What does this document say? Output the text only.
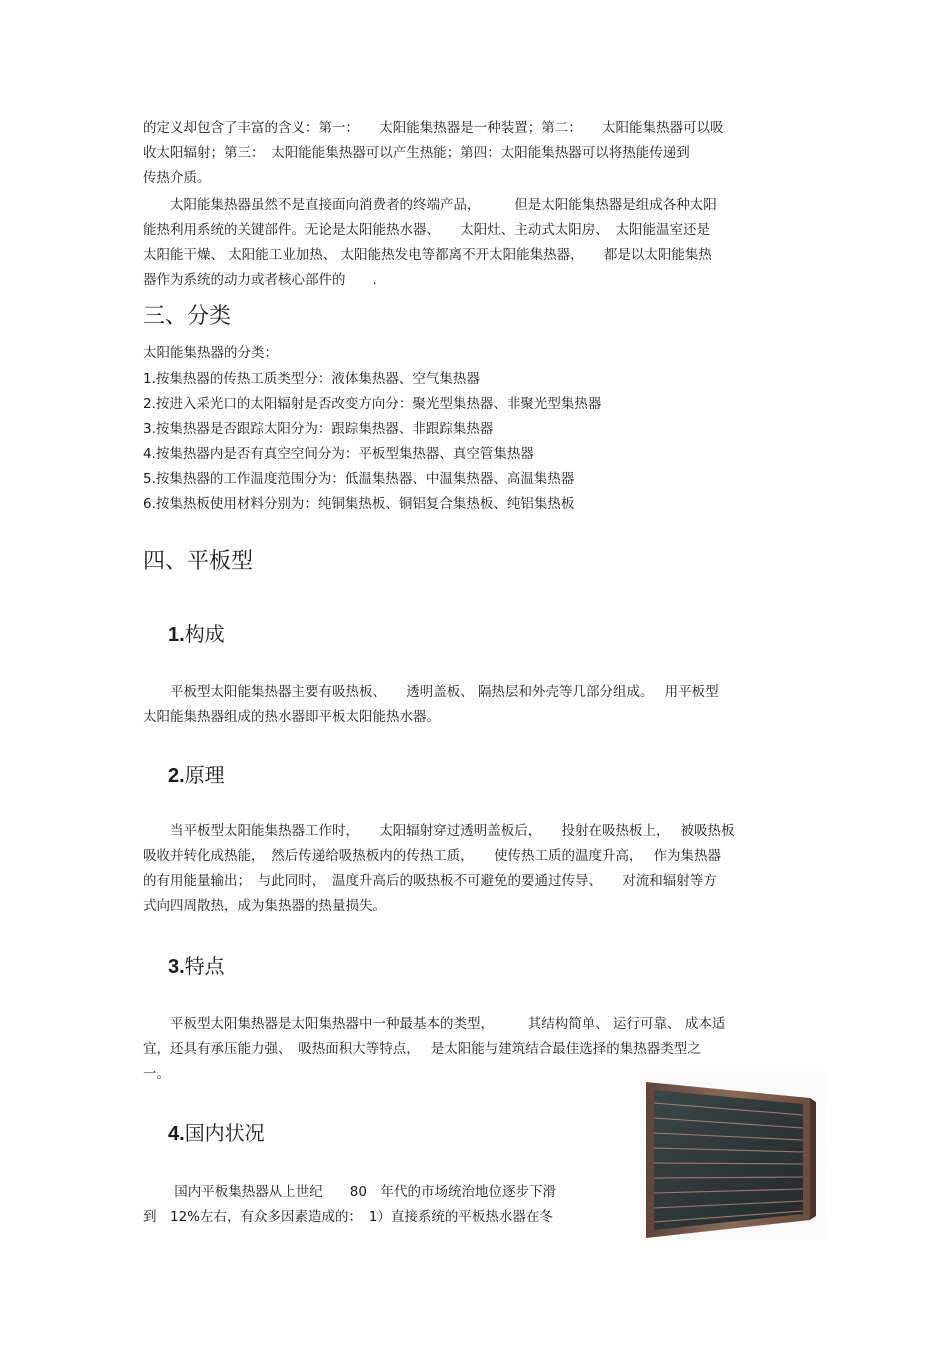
的定义却包含了丰富的含义：第一：　　太阳能集热器是一种装置；第二：　　太阳能集热器可以吸
收太阳辐射；第三：　太阳能能集热器可以产生热能；第四：太阳能集热器可以将热能传递到
传热介质。
　　太阳能集热器虽然不是直接面向消费者的终端产品，　　　但是太阳能集热器是组成各种太阳
能热利用系统的关键部件。无论是太阳能热水器、　　太阳灶、主动式太阳房、　太阳能温室还是
太阳能干燥、 太阳能工业加热、 太阳能热发电等都离不开太阳能集热器，　　都是以太阳能集热
器作为系统的动力或者核心部件的　　.
三、分类
太阳能集热器的分类：
1.按集热器的传热工质类型分：液体集热器、空气集热器
2.按进入采光口的太阳辐射是否改变方向分：聚光型集热器、非聚光型集热器
3.按集热器是否跟踪太阳分为：跟踪集热器、非跟踪集热器
4.按集热器内是否有真空空间分为：平板型集热器、真空管集热器
5.按集热器的工作温度范围分为：低温集热器、中温集热器、高温集热器
6.按集热板使用材料分别为：纯铜集热板、铜铝复合集热板、纯铝集热板
四、平板型
1.构成
　　平板型太阳能集热器主要有吸热板、　　透明盖板、 隔热层和外壳等几部分组成。　 用平板型
太阳能集热器组成的热水器即平板太阳能热水器。
2.原理
　　当平板型太阳能集热器工作时，　　太阳辐射穿过透明盖板后，　　投射在吸热板上，　 被吸热板
吸收并转化成热能，　然后传递给吸热板内的传热工质，　　使传热工质的温度升高，　 作为集热器
的有用能量输出；　与此同时，　温度升高后的吸热板不可避免的要通过传导、　　对流和辐射等方
式向四周散热，成为集热器的热量损失。
3.特点
　　平板型太阳集热器是太阳集热器中一种最基本的类型，　　　其结构简单、 运行可靠、 成本适
宜，还具有承压能力强、　吸热面积大等特点，　 是太阳能与建筑结合最佳选择的集热器类型之
一。
4.国内状况
　　 国内平板集热器从上世纪　　80　年代的市场统治地位逐步下滑
到　12%左右，有众多因素造成的：　1）直接系统的平板热水器在冬
